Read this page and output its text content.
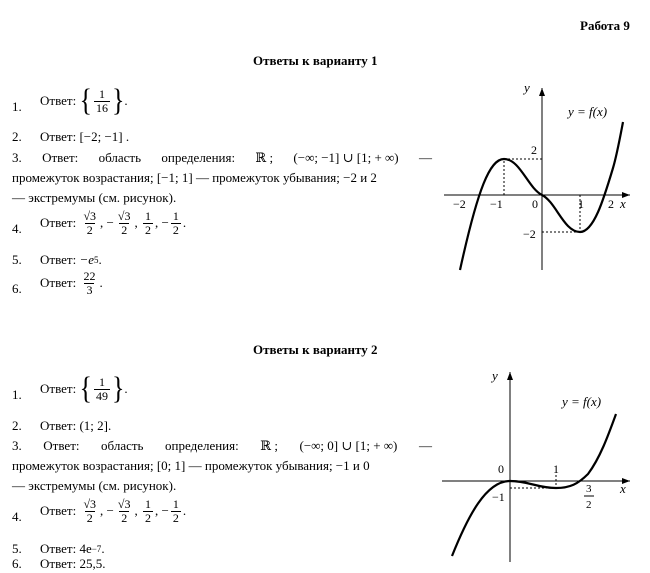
Работа 9
Ответы к варианту 1
1. Ответ:
{ $\frac{1}{16}$ } .
2. Ответ:
[−2; −1] .
3. Ответ: область определения: ℝ ; (−∞; −1] ∪ [1; + ∞) —
промежуток возрастания; [−1; 1] — промежуток убывания; −2 и 2
— экстремумы (см. рисунок).
4. Ответ:
$\frac{√3}{2}$ , − $\frac{√3}{2}$ , $\frac{1}{2}$ , − $\frac{1}{2}$ .
5. Ответ:
−e 5 .
6. Ответ:
$\frac{22}{3}$ .
y
x
y = f(x)
−2 −1 0	1 2
2
−2
Ответы к варианту 2
1. Ответ:
{ $\frac{1}{49}$ } .
2. Ответ:
(1; 2].
3. Ответ: область определения: ℝ ; (−∞; 0] ∪ [1; + ∞) —
промежуток возрастания; [0; 1] — промежуток убывания; −1 и 0
— экстремумы (см. рисунок).
4. Ответ:
$\frac{√3}{2}$ , − $\frac{√3}{2}$ , $\frac{1}{2}$ , − $\frac{1}{2}$ .
5. Ответ:
4e −7 .
6. Ответ:
25,5.
y
x
y = f(x)
0	1
−1
3
2
